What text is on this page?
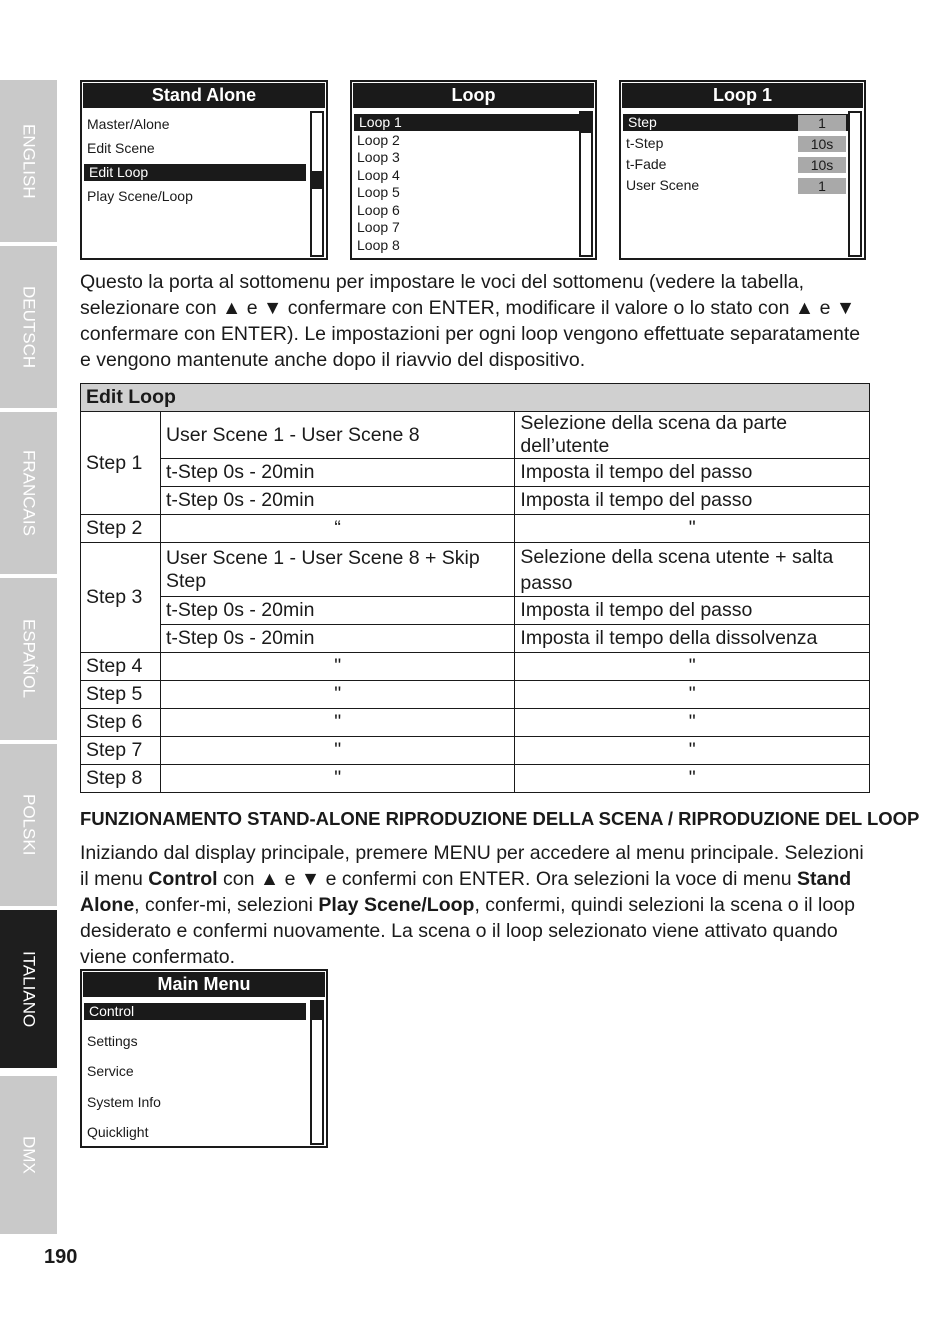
ENGLISH
DEUTSCH
FRANCAIS
ESPAÑOL
POLSKI
ITALIANO
DMX
Stand Alone
Master/Alone
Edit Scene
Edit Loop
Play Scene/Loop
Loop
Loop 1
Loop 2
Loop 3
Loop 4
Loop 5
Loop 6
Loop 7
Loop 8
Loop 1
Step	1
t-Step	10s
t-Fade	10s
User Scene	1
Questo la porta al sottomenu per impostare le voci del sottomenu (vedere la tabella, selezionare con ▲ e ▼ confermare con ENTER, modificare il valore o lo stato con ▲ e ▼ confermare con ENTER). Le impostazioni per ogni loop vengono effettuate separatamente e vengono mantenute anche dopo il riavvio del dispositivo.
Edit Loop		
Step 1	User Scene 1 - User Scene 8	Selezione della scena da parte dell’utente
	t-Step 0s - 20min	Imposta il tempo del passo
	t-Step 0s - 20min	Imposta il tempo del passo
Step 2	“	"
Step 3	User Scene 1 - User Scene 8 + Skip Step	Selezione della scena utente + salta passo
	t-Step 0s - 20min	Imposta il tempo del passo
	t-Step 0s - 20min	Imposta il tempo della dissolvenza
Step 4	"	"
Step 5	"	"
Step 6	"	"
Step 7	"	"
Step 8	"	"
FUNZIONAMENTO STAND-ALONE RIPRODUZIONE DELLA SCENA / RIPRODUZIONE DEL LOOP
Iniziando dal display principale, premere MENU per accedere al menu principale. Selezioni il menu Control con ▲ e ▼ e confermi con ENTER. Ora selezioni la voce di menu Stand Alone, confer-mi, selezioni Play Scene/Loop, confermi, quindi selezioni la scena o il loop desiderato e confermi nuovamente. La scena o il loop selezionato viene attivato quando viene confermato.
Main Menu
Control
Settings
Service
System Info
Quicklight
190
